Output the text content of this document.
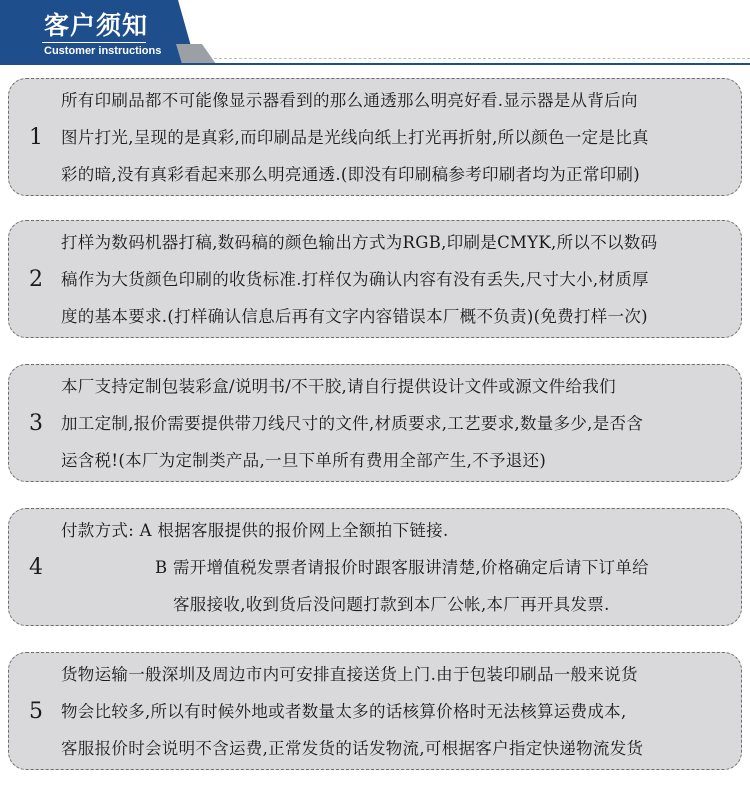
客户须知
Customer instructions
1
所有印刷品都不可能像显示器看到的那么通透那么明亮好看.显示器是从背后向
图片打光,呈现的是真彩,而印刷品是光线向纸上打光再折射,所以颜色一定是比真
彩的暗,没有真彩看起来那么明亮通透.(即没有印刷稿参考印刷者均为正常印刷)
2
打样为数码机器打稿,数码稿的颜色输出方式为RGB,印刷是CMYK,所以不以数码
稿作为大货颜色印刷的收货标准.打样仅为确认内容有没有丢失,尺寸大小,材质厚
度的基本要求.(打样确认信息后再有文字内容错误本厂概不负责)(免费打样一次)
3
本厂支持定制包装彩盒/说明书/不干胶,请自行提供设计文件或源文件给我们
加工定制,报价需要提供带刀线尺寸的文件,材质要求,工艺要求,数量多少,是否含
运含税!(本厂为定制类产品,一旦下单所有费用全部产生,不予退还)
4
付款方式: A 根据客服提供的报价网上全额拍下链接.
B 需开增值税发票者请报价时跟客服讲清楚,价格确定后请下订单给
客服接收,收到货后没问题打款到本厂公帐,本厂再开具发票.
5
货物运输一般深圳及周边市内可安排直接送货上门.由于包装印刷品一般来说货
物会比较多,所以有时候外地或者数量太多的话核算价格时无法核算运费成本,
客服报价时会说明不含运费,正常发货的话发物流,可根据客户指定快递物流发货
